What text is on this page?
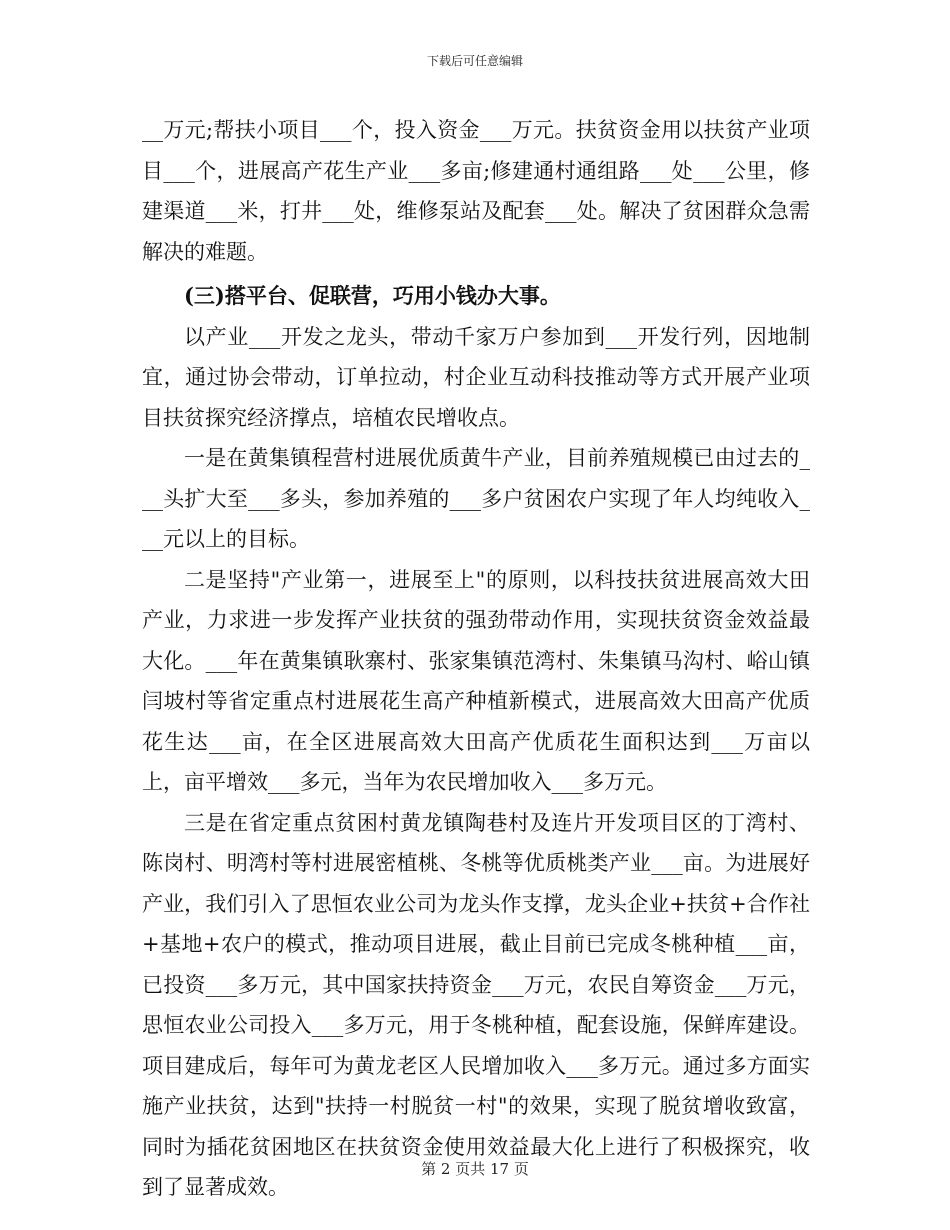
下载后可任意编辑

__万元;帮扶小项目___个，投入资金___万元。扶贫资金用以扶贫产业项目___个，进展高产花生产业___多亩;修建通村通组路___处___公里，修建渠道___米，打井___处，维修泵站及配套___处。解决了贫困群众急需解决的难题。

(三)搭平台、促联营，巧用小钱办大事。

以产业___开发之龙头，带动千家万户参加到___开发行列，因地制宜，通过协会带动，订单拉动，村企业互动科技推动等方式开展产业项目扶贫探究经济撑点，培植农民增收点。

一是在黄集镇程营村进展优质黄牛产业，目前养殖规模已由过去的___头扩大至___多头，参加养殖的___多户贫困农户实现了年人均纯收入___元以上的目标。

二是坚持"产业第一，进展至上"的原则，以科技扶贫进展高效大田产业，力求进一步发挥产业扶贫的强劲带动作用，实现扶贫资金效益最大化。___年在黄集镇耿寨村、张家集镇范湾村、朱集镇马沟村、峪山镇闫坡村等省定重点村进展花生高产种植新模式，进展高效大田高产优质花生达___亩，在全区进展高效大田高产优质花生面积达到___万亩以上，亩平增效___多元，当年为农民增加收入___多万元。

三是在省定重点贫困村黄龙镇陶巷村及连片开发项目区的丁湾村、陈岗村、明湾村等村进展密植桃、冬桃等优质桃类产业___亩。为进展好产业，我们引入了思恒农业公司为龙头作支撑，龙头企业+扶贫+合作社+基地+农户的模式，推动项目进展，截止目前已完成冬桃种植___亩，已投资___多万元，其中国家扶持资金___万元，农民自筹资金___万元，思恒农业公司投入___多万元，用于冬桃种植，配套设施，保鲜库建设。项目建成后，每年可为黄龙老区人民增加收入___多万元。通过多方面实施产业扶贫，达到"扶持一村脱贫一村"的效果，实现了脱贫增收致富，同时为插花贫困地区在扶贫资金使用效益最大化上进行了积极探究，收到了显著成效。

第 2 页共 17 页
